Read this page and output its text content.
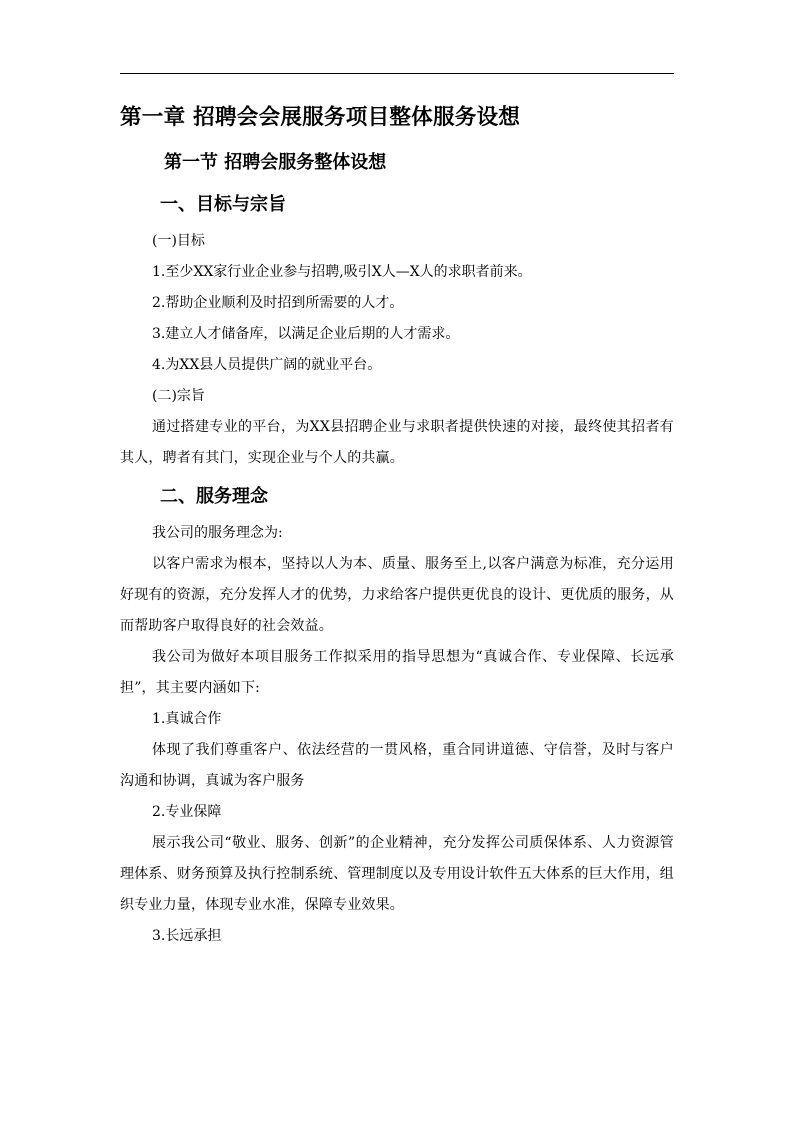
第一章 招聘会会展服务项目整体服务设想
第一节 招聘会服务整体设想
一、目标与宗旨

(一)目标

1.至少XX家行业企业参与招聘,吸引X人—X人的求职者前来。

2.帮助企业顺利及时招到所需要的人才。

3.建立人才储备库，以满足企业后期的人才需求。

4.为XX县人员提供广阔的就业平台。

(二)宗旨

通过搭建专业的平台，为XX县招聘企业与求职者提供快速的对接，最终使其招者有其人，聘者有其门，实现企业与个人的共赢。

二、服务理念

我公司的服务理念为:

以客户需求为根本，坚持以人为本、质量、服务至上,以客户满意为标准，充分运用好现有的资源，充分发挥人才的优势，力求给客户提供更优良的设计、更优质的服务，从而帮助客户取得良好的社会效益。

我公司为做好本项目服务工作拟采用的指导思想为“真诚合作、专业保障、长远承担”，其主要内涵如下:

1.真诚合作

体现了我们尊重客户、依法经营的一贯风格，重合同讲道德、守信誉，及时与客户沟通和协调，真诚为客户服务

2.专业保障

展示我公司“敬业、服务、创新”的企业精神，充分发挥公司质保体系、人力资源管理体系、财务预算及执行控制系统、管理制度以及专用设计软件五大体系的巨大作用，组织专业力量，体现专业水准，保障专业效果。

3.长远承担
